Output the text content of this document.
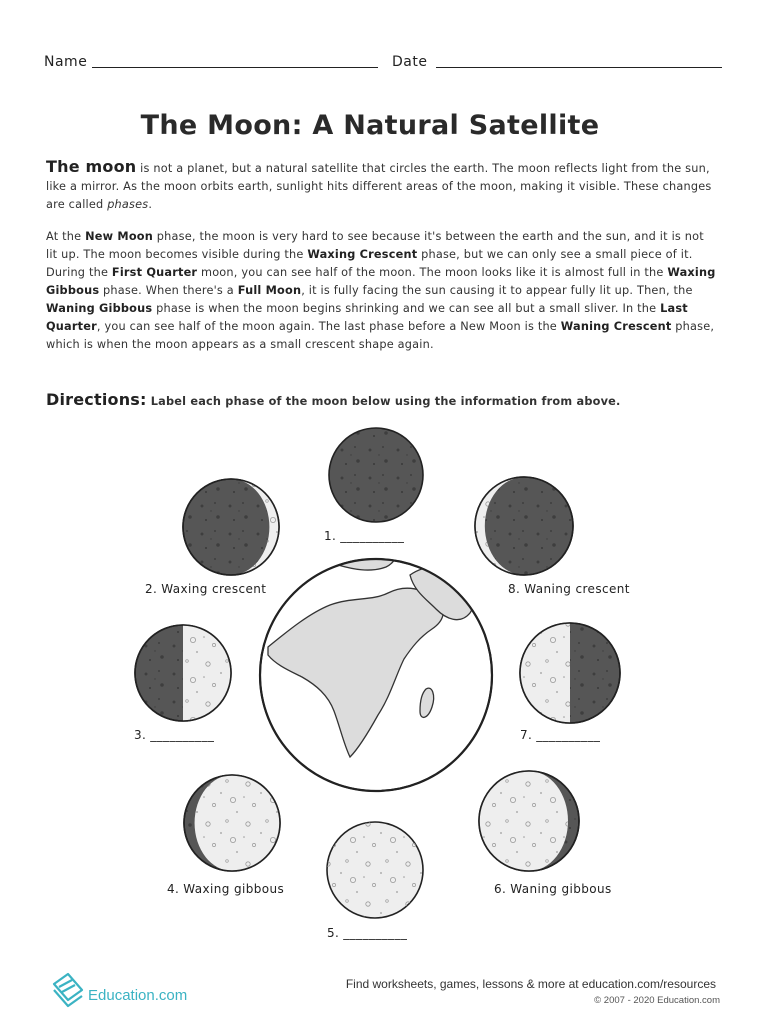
Name	Date
The Moon: A Natural Satellite

The moon is not a planet, but a natural satellite that circles the earth. The moon reflects light from the sun, like a mirror. As the moon orbits earth, sunlight hits different areas of the moon, making it visible. These changes are called phases.

At the New Moon phase, the moon is very hard to see because it's between the earth and the sun, and it is not lit up. The moon becomes visible during the Waxing Crescent phase, but we can only see a small piece of it. During the First Quarter moon, you can see half of the moon. The moon looks like it is almost full in the Waxing Gibbous phase. When there's a Full Moon, it is fully facing the sun causing it to appear fully lit up. Then, the Waning Gibbous phase is when the moon begins shrinking and we can see all but a small sliver. In the Last Quarter, you can see half of the moon again. The last phase before a New Moon is the Waning Crescent phase, which is when the moon appears as a small crescent shape again.

Directions: Label each phase of the moon below using the information from above.

1. __________
2. Waxing crescent
3. __________
4. Waxing gibbous
5. __________
6. Waning gibbous
7. __________
8. Waning crescent
Education.com
Find worksheets, games, lessons & more at education.com/resources
© 2007 - 2020 Education.com
